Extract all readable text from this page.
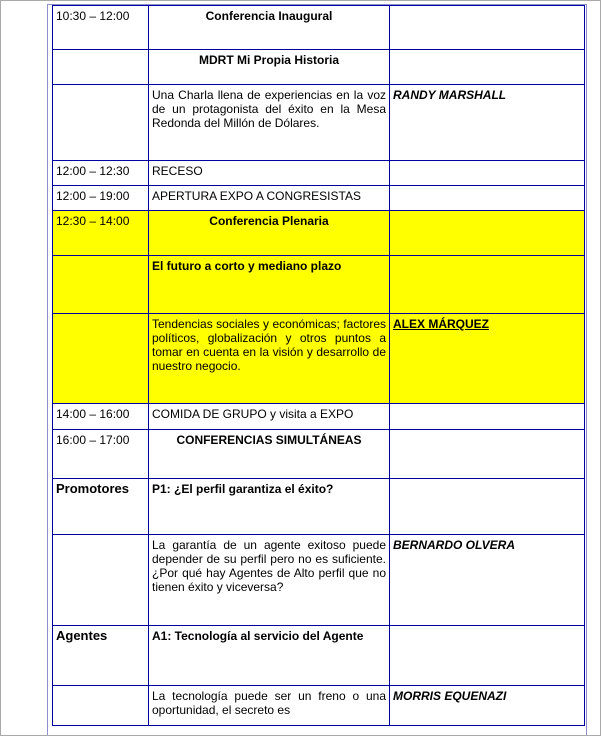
10:30 – 12:00	Conferencia Inaugural	
	MDRT Mi Propia Historia	
	Una Charla llena de experiencias en la voz de un protagonista del éxito en la Mesa Redonda del Millón de Dólares.	RANDY MARSHALL
12:00 – 12:30	RECESO	
12:00 – 19:00	APERTURA EXPO A CONGRESISTAS	
12:30 – 14:00	Conferencia Plenaria	
	El futuro a corto y mediano plazo	
	Tendencias sociales y económicas; factores políticos, globalización y otros puntos a tomar en cuenta en la visión y desarrollo de nuestro negocio.	ALEX MÁRQUEZ
14:00 – 16:00	COMIDA DE GRUPO y visita a EXPO	
16:00 – 17:00	CONFERENCIAS SIMULTÁNEAS	
Promotores	P1: ¿El perfil garantiza el éxito?	
	La garantía de un agente exitoso puede depender de su perfil pero no es suficiente. ¿Por qué hay Agentes de Alto perfil que no tienen éxito y viceversa?	BERNARDO OLVERA
Agentes	A1: Tecnología al servicio del Agente	
	La tecnología puede ser un freno o una oportunidad, el secreto es	MORRIS EQUENAZI
